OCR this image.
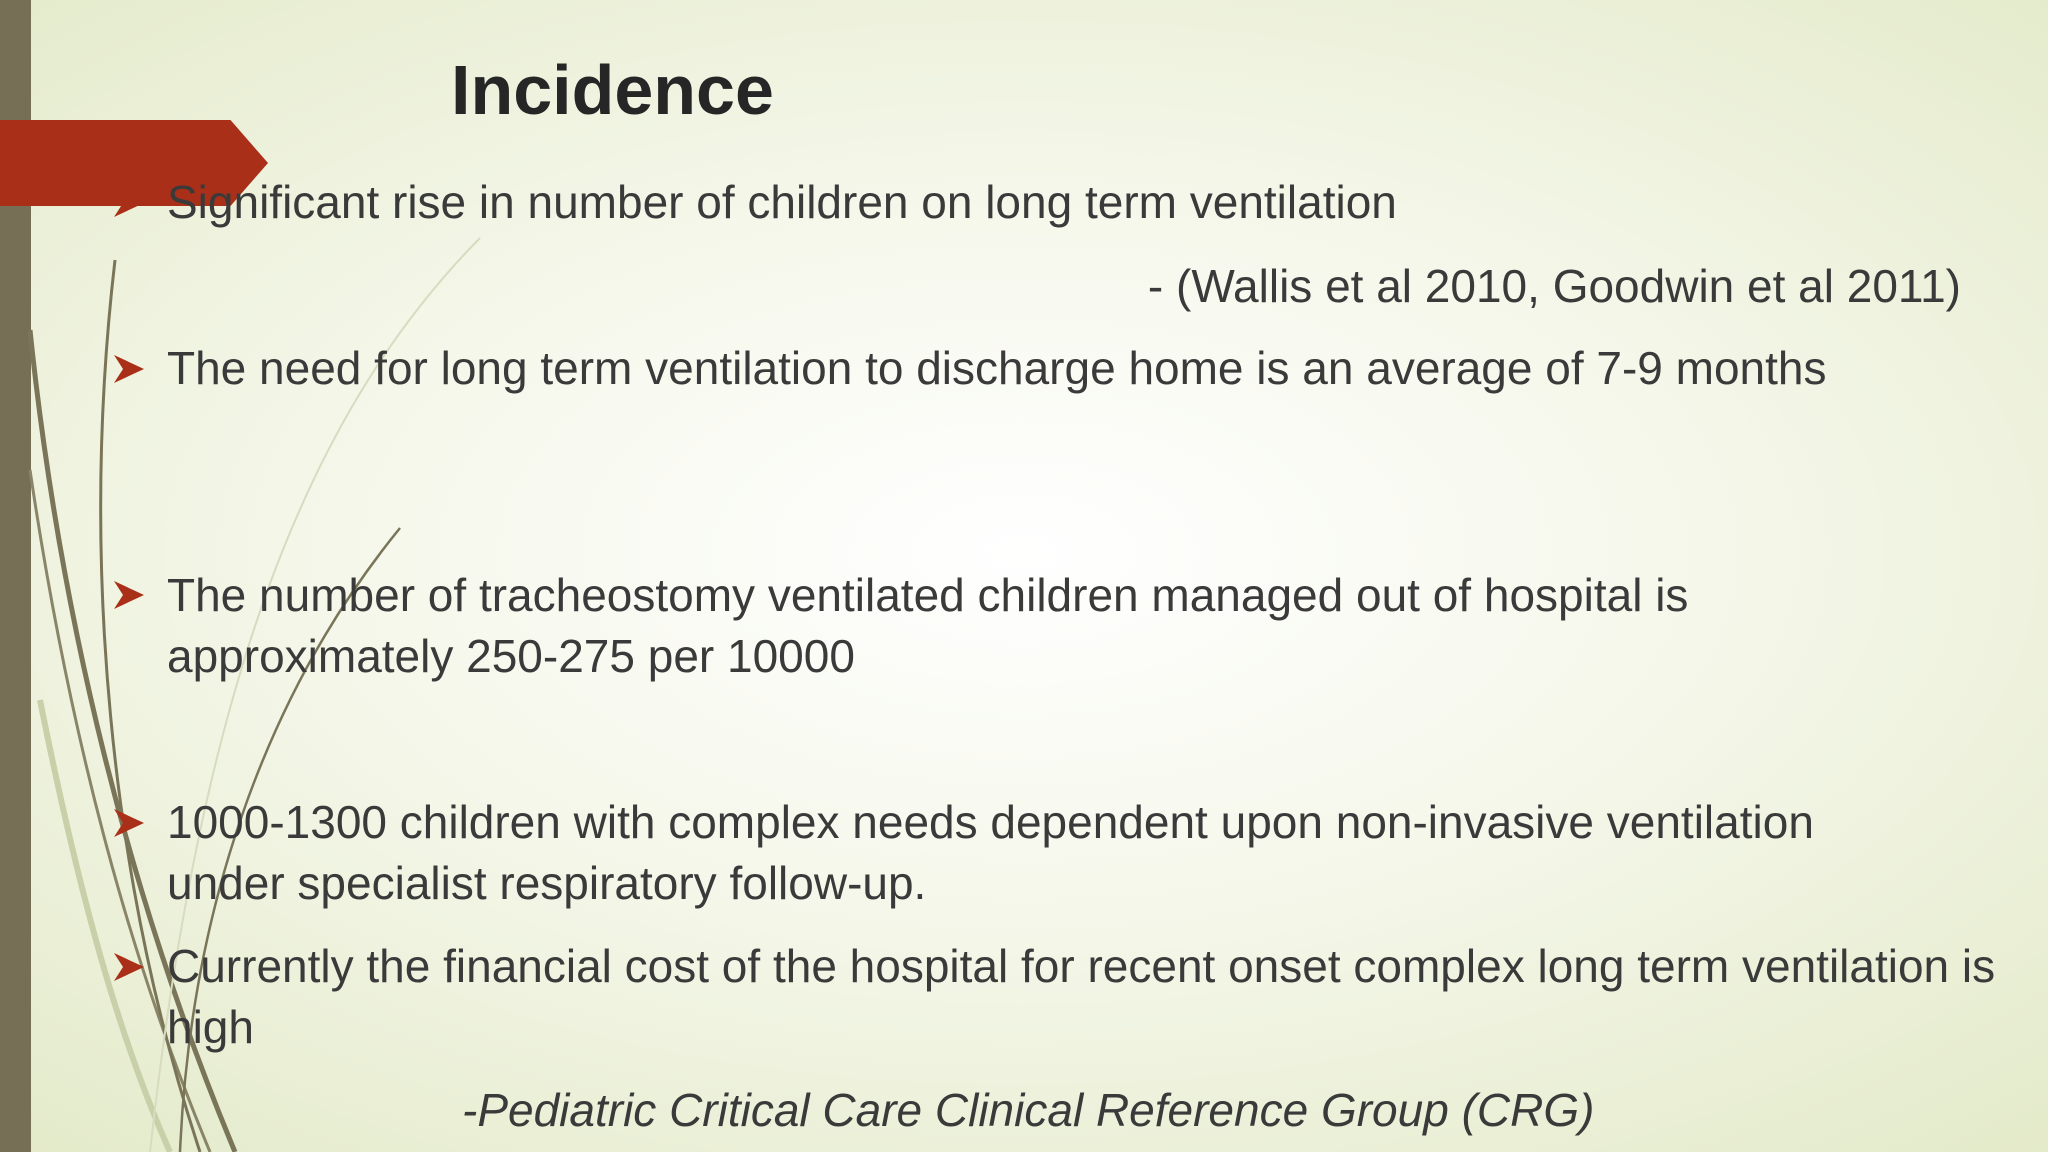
Incidence
Significant rise in number of children on long term ventilation
- (Wallis et al 2010, Goodwin et al 2011)
The need for long term ventilation to discharge home is an average of 7-9 months
The number of tracheostomy ventilated children managed out of hospital is approximately 250-275 per 10000
1000-1300 children with complex needs dependent upon non-invasive ventilation under specialist respiratory follow-up.
Currently the financial cost of the hospital for recent onset complex long term ventilation is high
-Pediatric Critical Care Clinical Reference Group (CRG)
